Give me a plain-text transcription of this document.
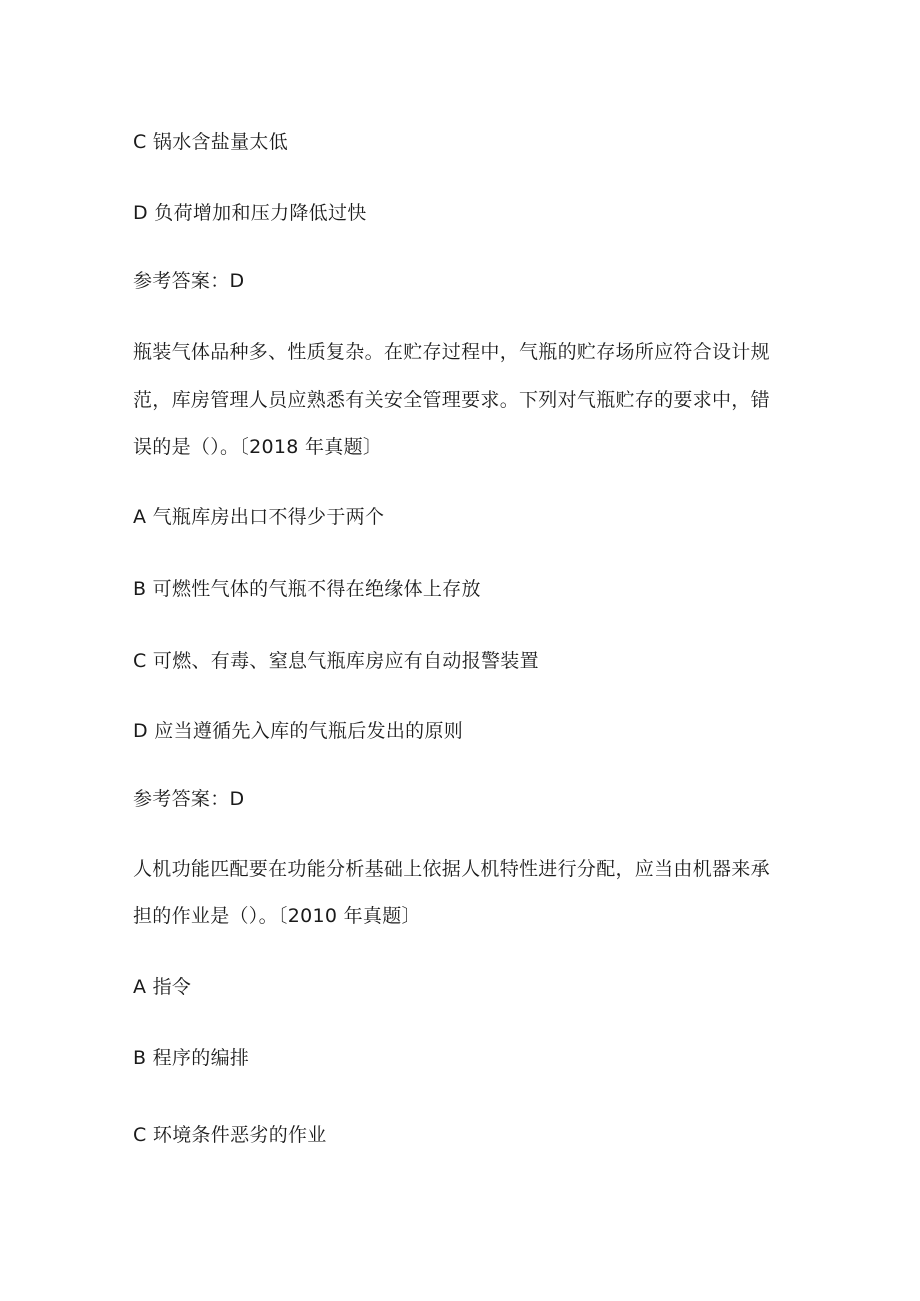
C 锅水含盐量太低
D 负荷增加和压力降低过快
参考答案：D
瓶装气体品种多、性质复杂。在贮存过程中，气瓶的贮存场所应符合设计规
范，库房管理人员应熟悉有关安全管理要求。下列对气瓶贮存的要求中，错
误的是（）。〔2018 年真题〕
A 气瓶库房出口不得少于两个
B 可燃性气体的气瓶不得在绝缘体上存放
C 可燃、有毒、窒息气瓶库房应有自动报警装置
D 应当遵循先入库的气瓶后发出的原则
参考答案：D
人机功能匹配要在功能分析基础上依据人机特性进行分配，应当由机器来承
担的作业是（）。〔2010 年真题〕
A 指令
B 程序的编排
C 环境条件恶劣的作业
